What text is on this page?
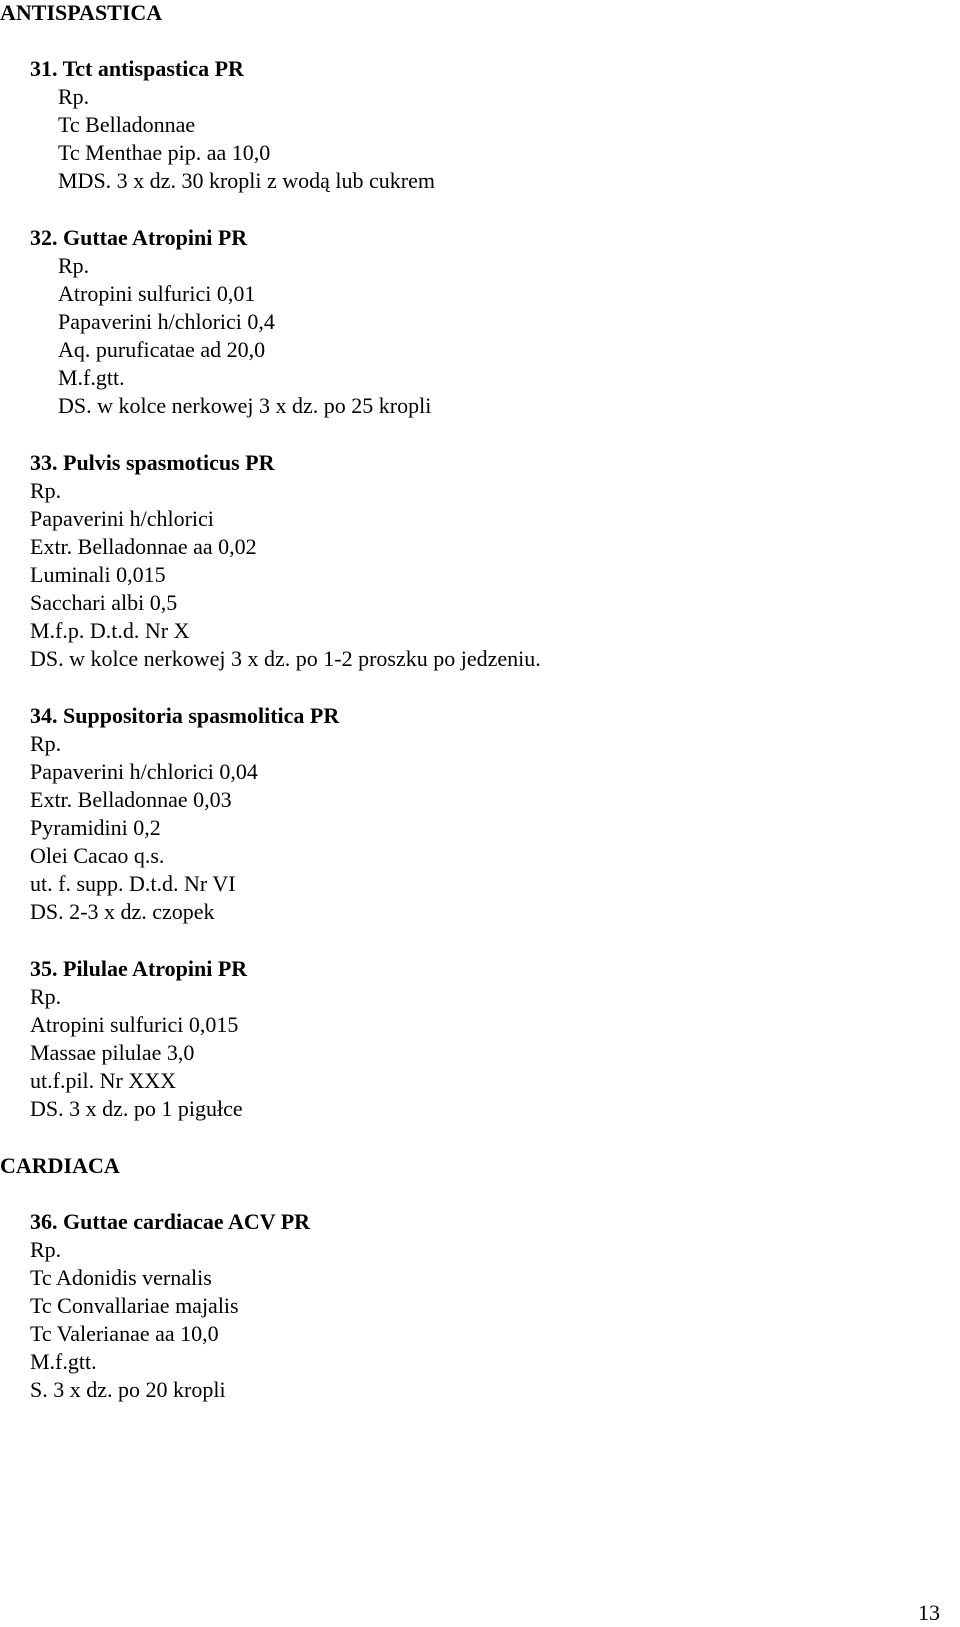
ANTISPASTICA
31. Tct antispastica PR
Rp.
Tc Belladonnae
Tc Menthae pip. aa 10,0
MDS. 3 x dz. 30 kropli z wodą lub cukrem
32. Guttae Atropini PR
Rp.
Atropini sulfurici 0,01
Papaverini h/chlorici 0,4
Aq. puruficatae ad 20,0
M.f.gtt.
DS. w kolce nerkowej 3 x dz. po 25 kropli
33. Pulvis spasmoticus PR
Rp.
Papaverini h/chlorici
Extr. Belladonnae aa 0,02
Luminali 0,015
Sacchari albi 0,5
M.f.p. D.t.d. Nr X
DS. w kolce nerkowej 3 x dz. po 1-2 proszku po jedzeniu.
34. Suppositoria spasmolitica PR
Rp.
Papaverini h/chlorici 0,04
Extr. Belladonnae 0,03
Pyramidini 0,2
Olei Cacao q.s.
ut. f. supp. D.t.d. Nr VI
DS. 2-3 x dz. czopek
35. Pilulae Atropini PR
Rp.
Atropini sulfurici 0,015
Massae pilulae 3,0
ut.f.pil. Nr XXX
DS. 3 x dz. po 1 pigułce
CARDIACA
36. Guttae cardiacae ACV PR
Rp.
Tc Adonidis vernalis
Tc Convallariae majalis
Tc Valerianae aa 10,0
M.f.gtt.
S. 3 x dz. po 20 kropli
13
